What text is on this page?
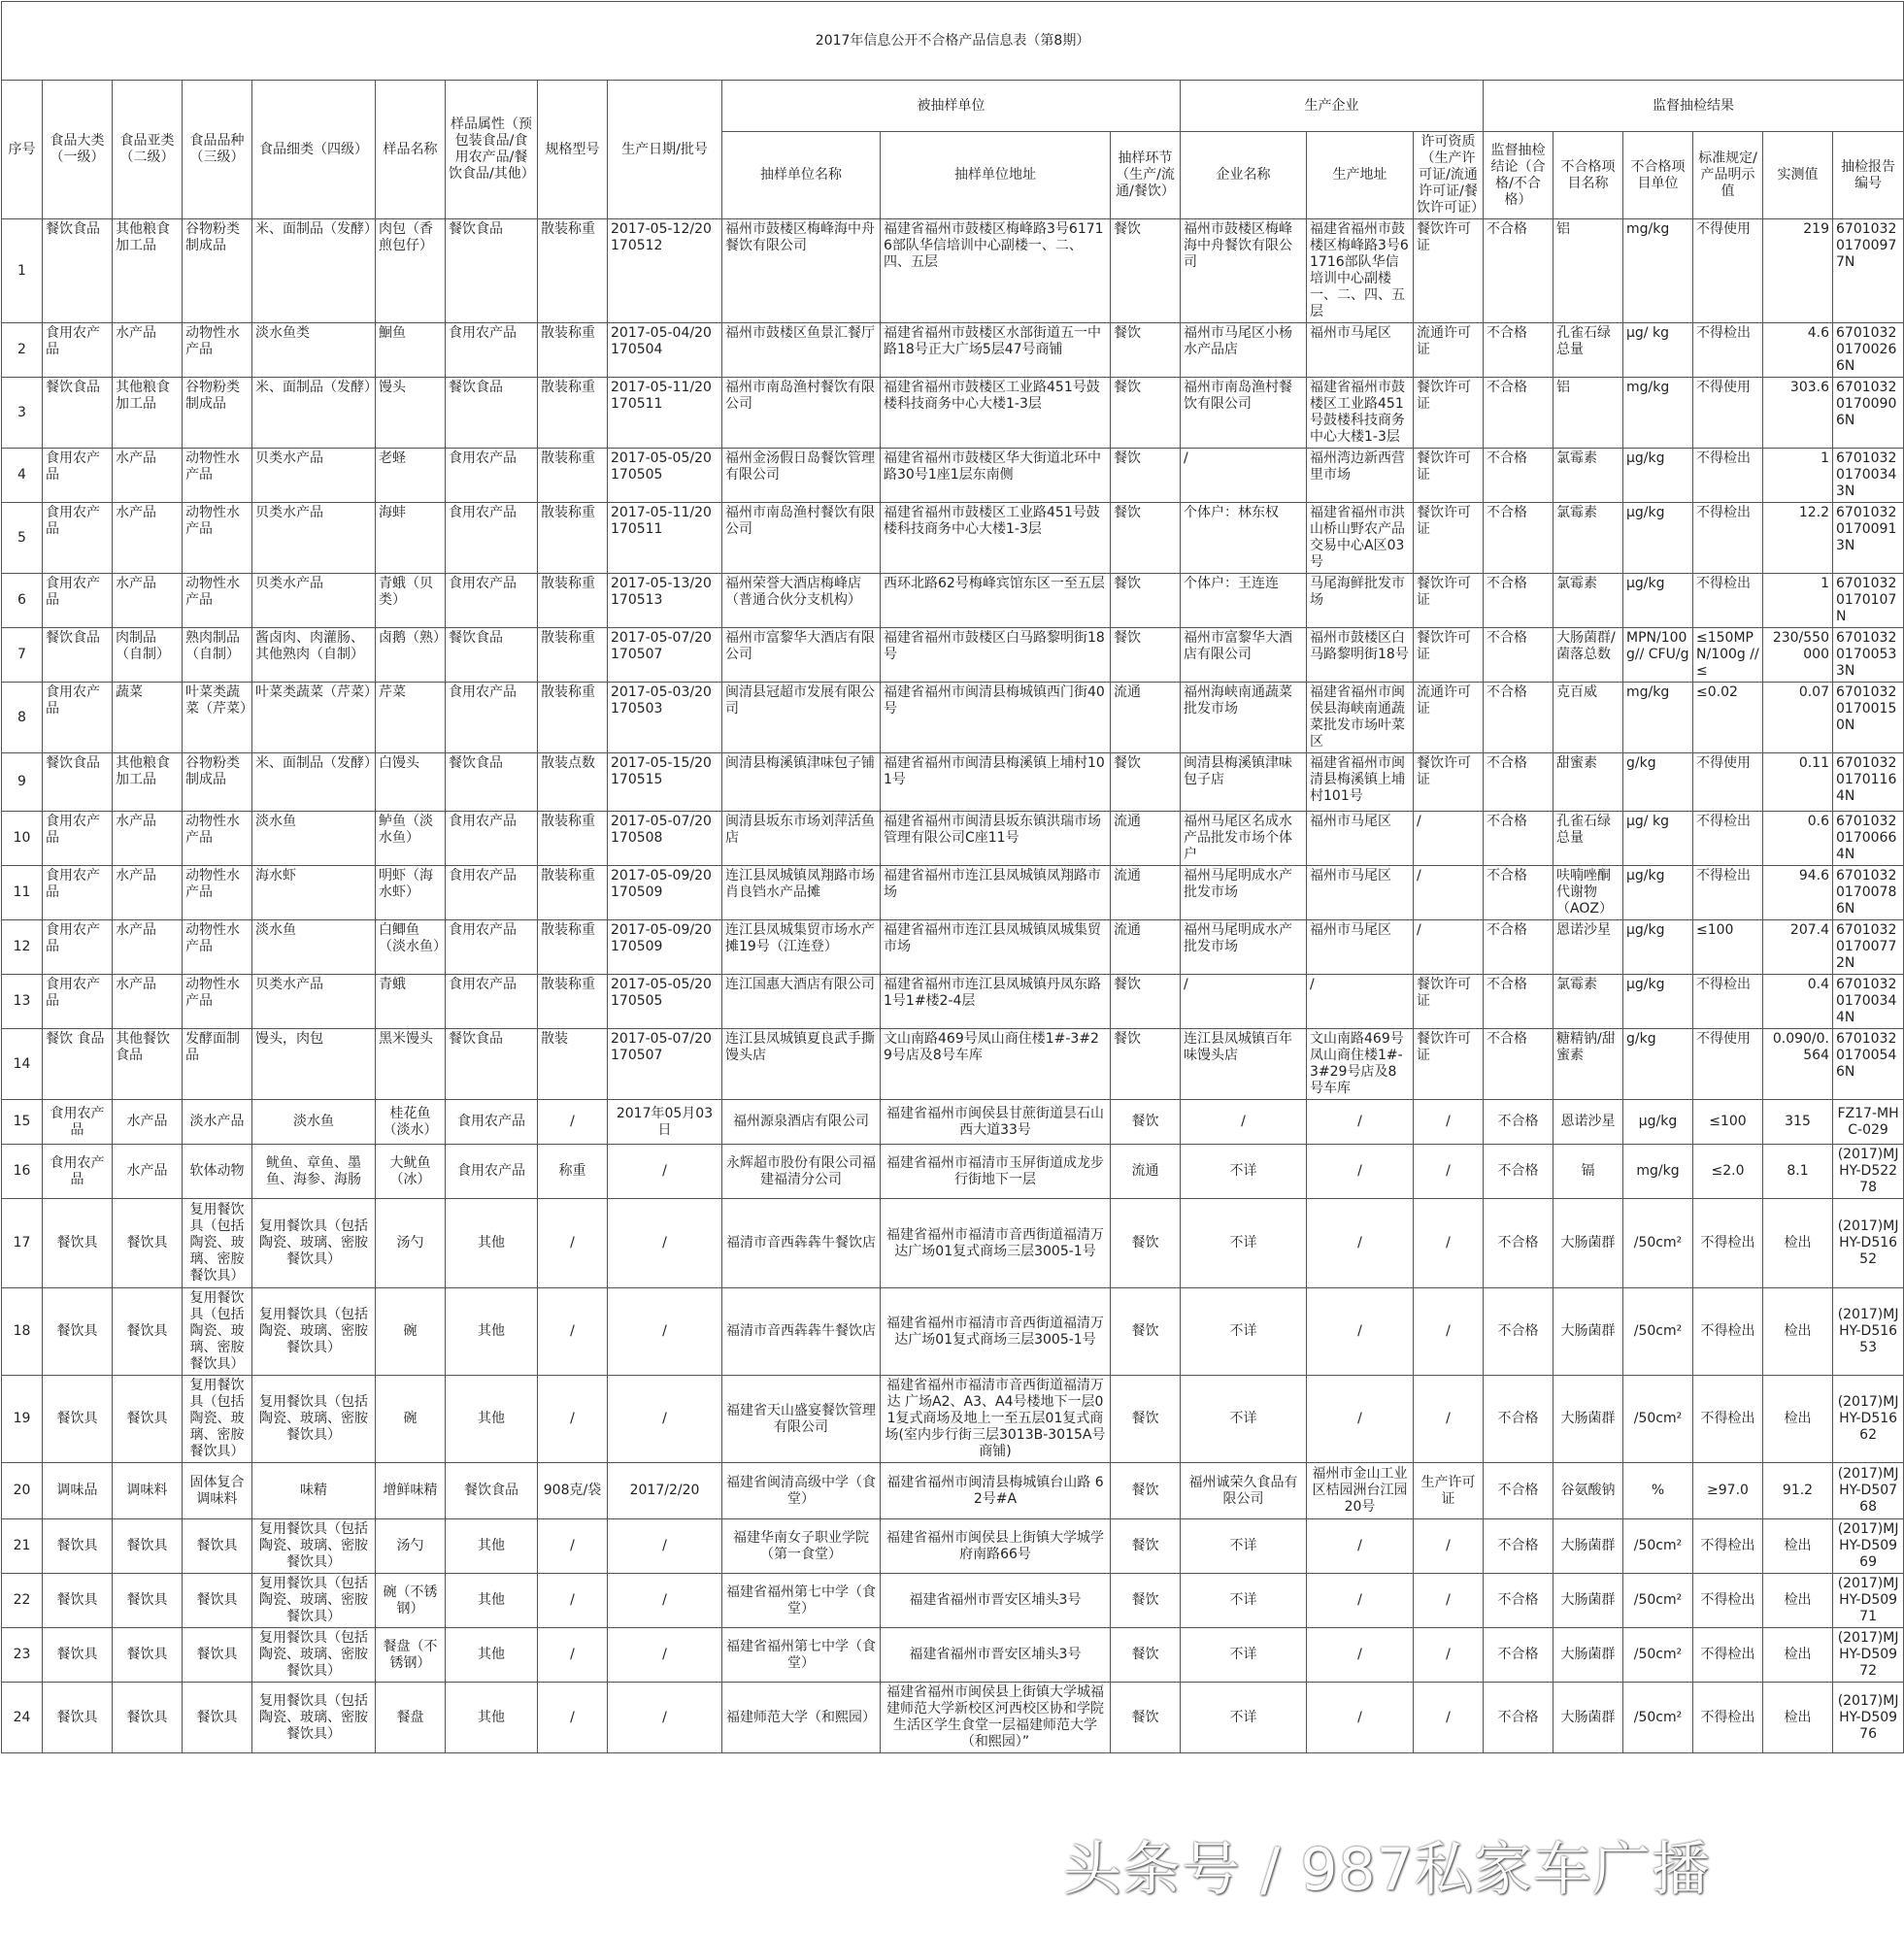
2017年信息公开不合格产品信息表（第8期）																				
序号	食品大类（一级）	食品亚类（二级）	食品品种（三级）	食品细类（四级）	样品名称	样品属性（预包装食品/食用农产品/餐饮食品/其他）	规格型号	生产日期/批号	被抽样单位			生产企业			监督抽检结果					
									抽样单位名称	抽样单位地址	抽样环节（生产/流通/餐饮）	企业名称	生产地址	许可资质（生产许可证/流通许可证/餐饮许可证）	监督抽检结论（合格/不合格）	不合格项目名称	不合格项目单位	标准规定/产品明示值	实测值	抽检报告编号
1	餐饮食品	其他粮食加工品	谷物粉类制成品	米、面制品（发酵）	肉包（香煎包仔）	餐饮食品	散装称重	2017-05-12/20170512	福州市鼓楼区梅峰海中舟餐饮有限公司	福建省福州市鼓楼区梅峰路3号61716部队华信培训中心副楼一、二、四、五层	餐饮	福州市鼓楼区梅峰海中舟餐饮有限公司	福建省福州市鼓楼区梅峰路3号61716部队华信培训中心副楼一、二、四、五层	餐饮许可证	不合格	铝	mg/kg	不得使用	219	670103201700977N
2	食用农产品	水产品	动物性水产品	淡水鱼类	鮰鱼	食用农产品	散装称重	2017-05-04/20170504	福州市鼓楼区鱼景汇餐厅	福建省福州市鼓楼区水部街道五一中路18号正大广场5层47号商铺	餐饮	福州市马尾区小杨水产品店	福州市马尾区	流通许可证	不合格	孔雀石绿总量	μg/ kg	不得检出	4.6	670103201700266N
3	餐饮食品	其他粮食加工品	谷物粉类制成品	米、面制品（发酵）	馒头	餐饮食品	散装称重	2017-05-11/20170511	福州市南岛渔村餐饮有限公司	福建省福州市鼓楼区工业路451号鼓楼科技商务中心大楼1-3层	餐饮	福州市南岛渔村餐饮有限公司	福建省福州市鼓楼区工业路451号鼓楼科技商务中心大楼1-3层	餐饮许可证	不合格	铝	mg/kg	不得使用	303.6	670103201700906N
4	食用农产品	水产品	动物性水产品	贝类水产品	老蛏	食用农产品	散装称重	2017-05-05/20170505	福州金汤假日岛餐饮管理有限公司	福建省福州市鼓楼区华大街道北环中路30号1座1层东南侧	餐饮	/	福州湾边新西营里市场	餐饮许可证	不合格	氯霉素	μg/kg	不得检出	1	670103201700343N
5	食用农产品	水产品	动物性水产品	贝类水产品	海蚌	食用农产品	散装称重	2017-05-11/20170511	福州市南岛渔村餐饮有限公司	福建省福州市鼓楼区工业路451号鼓楼科技商务中心大楼1-3层	餐饮	个体户：林东权	福建省福州市洪山桥山野农产品交易中心A区03号	餐饮许可证	不合格	氯霉素	μg/kg	不得检出	12.2	670103201700913N
6	食用农产品	水产品	动物性水产品	贝类水产品	青蛾（贝类）	食用农产品	散装称重	2017-05-13/20170513	福州荣誉大酒店梅峰店（普通合伙分支机构）	西环北路62号梅峰宾馆东区一至五层	餐饮	个体户：王连连	马尾海鲜批发市场	餐饮许可证	不合格	氯霉素	μg/kg	不得检出	1	67010320170107N
7	餐饮食品	肉制品（自制）	熟肉制品（自制）	酱卤肉、肉灌肠、其他熟肉（自制）	卤鹅（熟）	餐饮食品	散装称重	2017-05-07/20170507	福州市富黎华大酒店有限公司	福建省福州市鼓楼区白马路黎明街18号	餐饮	福州市富黎华大酒店有限公司	福州市鼓楼区白马路黎明街18号	餐饮许可证	不合格	大肠菌群/菌落总数	MPN/100g// CFU/g	≤150MPN/100g //≤	230/550000	670103201700533N
8	食用农产品	蔬菜	叶菜类蔬菜（芹菜）	叶菜类蔬菜（芹菜）	芹菜	食用农产品	散装称重	2017-05-03/20170503	闽清县冠超市发展有限公司	福建省福州市闽清县梅城镇西门街40号	流通	福州海峡南通蔬菜批发市场	福建省福州市闽侯县海峡南通蔬菜批发市场叶菜区	流通许可证	不合格	克百威	mg/kg	≤0.02	0.07	670103201700150N
9	餐饮食品	其他粮食加工品	谷物粉类制成品	米、面制品（发酵）	白馒头	餐饮食品	散装点数	2017-05-15/20170515	闽清县梅溪镇津味包子铺	福建省福州市闽清县梅溪镇上埔村101号	餐饮	闽清县梅溪镇津味包子店	福建省福州市闽清县梅溪镇上埔村101号	餐饮许可证	不合格	甜蜜素	g/kg	不得使用	0.11	670103201701164N
10	食用农产品	水产品	动物性水产品	淡水鱼	鲈鱼（淡水鱼）	食用农产品	散装称重	2017-05-07/20170508	闽清县坂东市场刘萍活鱼店	福建省福州市闽清县坂东镇洪瑞市场管理有限公司C座11号	流通	福州马尾区名成水产品批发市场个体户	福州市马尾区	/	不合格	孔雀石绿总量	μg/ kg	不得检出	0.6	670103201700664N
11	食用农产品	水产品	动物性水产品	海水虾	明虾（海水虾）	食用农产品	散装称重	2017-05-09/20170509	连江县凤城镇凤翔路市场肖良铛水产品摊	福建省福州市连江县凤城镇凤翔路市场	流通	福州马尾明成水产批发市场	福州市马尾区	/	不合格	呋喃唑酮代谢物（AOZ）	μg/kg	不得检出	94.6	670103201700786N
12	食用农产品	水产品	动物性水产品	淡水鱼	白鲫鱼（淡水鱼）	食用农产品	散装称重	2017-05-09/20170509	连江县凤城集贸市场水产摊19号（江连登）	福建省福州市连江县凤城镇凤城集贸市场	流通	福州马尾明成水产批发市场	福州市马尾区	/	不合格	恩诺沙星	μg/kg	≤100	207.4	670103201700772N
13	食用农产品	水产品	动物性水产品	贝类水产品	青蛾	食用农产品	散装称重	2017-05-05/20170505	连江国惠大酒店有限公司	福建省福州市连江县凤城镇丹凤东路1号1#楼2-4层	餐饮	/	/	餐饮许可证	不合格	氯霉素	μg/kg	不得检出	0.4	670103201700344N
14	餐饮 食品	其他餐饮食品	发酵面制品	馒头，肉包	黑米馒头	餐饮食品	散装	2017-05-07/20170507	连江县凤城镇夏良武手撕馒头店	文山南路469号凤山商住楼1#-3#29号店及8号车库	餐饮	连江县凤城镇百年味馒头店	文山南路469号凤山商住楼1#-3#29号店及8号车库	餐饮许可证	不合格	糖精钠/甜蜜素	g/kg	不得使用	0.090/0.564	670103201700546N
15	食用农产品	水产品	淡水产品	淡水鱼	桂花鱼（淡水）	食用农产品	/	2017年05月03日	福州源泉酒店有限公司	福建省福州市闽侯县甘蔗街道昙石山西大道33号	餐饮	/	/	/	不合格	恩诺沙星	μg/kg	≤100	315	FZ17-MHC-029
16	食用农产品	水产品	软体动物	鱿鱼、章鱼、墨鱼、海参、海肠	大鱿鱼（冰）	食用农产品	称重	/	永辉超市股份有限公司福建福清分公司	福建省福州市福清市玉屏街道成龙步行街地下一层	流通	不详	/	/	不合格	镉	mg/kg	≤2.0	8.1	(2017)MJHY-D52278
17	餐饮具	餐饮具	复用餐饮具（包括陶瓷、玻璃、密胺餐饮具）	复用餐饮具（包括陶瓷、玻璃、密胺餐饮具）	汤勺	其他	/	/	福清市音西犇犇牛餐饮店	福建省福州市福清市音西街道福清万达广场01复式商场三层3005-1号	餐饮	不详	/	/	不合格	大肠菌群	/50cm²	不得检出	检出	(2017)MJHY-D51652
18	餐饮具	餐饮具	复用餐饮具（包括陶瓷、玻璃、密胺餐饮具）	复用餐饮具（包括陶瓷、玻璃、密胺餐饮具）	碗	其他	/	/	福清市音西犇犇牛餐饮店	福建省福州市福清市音西街道福清万达广场01复式商场三层3005-1号	餐饮	不详	/	/	不合格	大肠菌群	/50cm²	不得检出	检出	(2017)MJHY-D51653
19	餐饮具	餐饮具	复用餐饮具（包括陶瓷、玻璃、密胺餐饮具）	复用餐饮具（包括陶瓷、玻璃、密胺餐饮具）	碗	其他	/	/	福建省天山盛宴餐饮管理有限公司	福建省福州市福清市音西街道福清万达 广场A2、A3、A4号楼地下一层01复式商场及地上一至五层01复式商场(室内步行街三层3013B-3015A号商铺)	餐饮	不详	/	/	不合格	大肠菌群	/50cm²	不得检出	检出	(2017)MJHY-D51662
20	调味品	调味料	固体复合调味料	味精	增鲜味精	餐饮食品	908克/袋	2017/2/20	福建省闽清高级中学（食堂）	福建省福州市闽清县梅城镇台山路 62号#A	餐饮	福州诚荣久食品有限公司	福州市金山工业区桔园洲台江园20号	生产许可证	不合格	谷氨酸钠	%	≥97.0	91.2	(2017)MJHY-D50768
21	餐饮具	餐饮具	餐饮具	复用餐饮具（包括陶瓷、玻璃、密胺餐饮具）	汤勺	其他	/	/	福建华南女子职业学院（第一食堂）	福建省福州市闽侯县上街镇大学城学府南路66号	餐饮	不详	/	/	不合格	大肠菌群	/50cm²	不得检出	检出	(2017)MJHY-D50969
22	餐饮具	餐饮具	餐饮具	复用餐饮具（包括陶瓷、玻璃、密胺餐饮具）	碗（不锈钢）	其他	/	/	福建省福州第七中学（食堂）	福建省福州市晋安区埔头3号	餐饮	不详	/	/	不合格	大肠菌群	/50cm²	不得检出	检出	(2017)MJHY-D50971
23	餐饮具	餐饮具	餐饮具	复用餐饮具（包括陶瓷、玻璃、密胺餐饮具）	餐盘（不锈钢）	其他	/	/	福建省福州第七中学（食堂）	福建省福州市晋安区埔头3号	餐饮	不详	/	/	不合格	大肠菌群	/50cm²	不得检出	检出	(2017)MJHY-D50972
24	餐饮具	餐饮具	餐饮具	复用餐饮具（包括陶瓷、玻璃、密胺餐饮具）	餐盘	其他	/	/	福建师范大学（和熙园）	福建省福州市闽侯县上街镇大学城福建师范大学新校区河西校区协和学院生活区学生食堂一层福建师范大学（和熙园）”	餐饮	不详	/	/	不合格	大肠菌群	/50cm²	不得检出	检出	(2017)MJHY-D50976
头条号 / 987私家车广播
